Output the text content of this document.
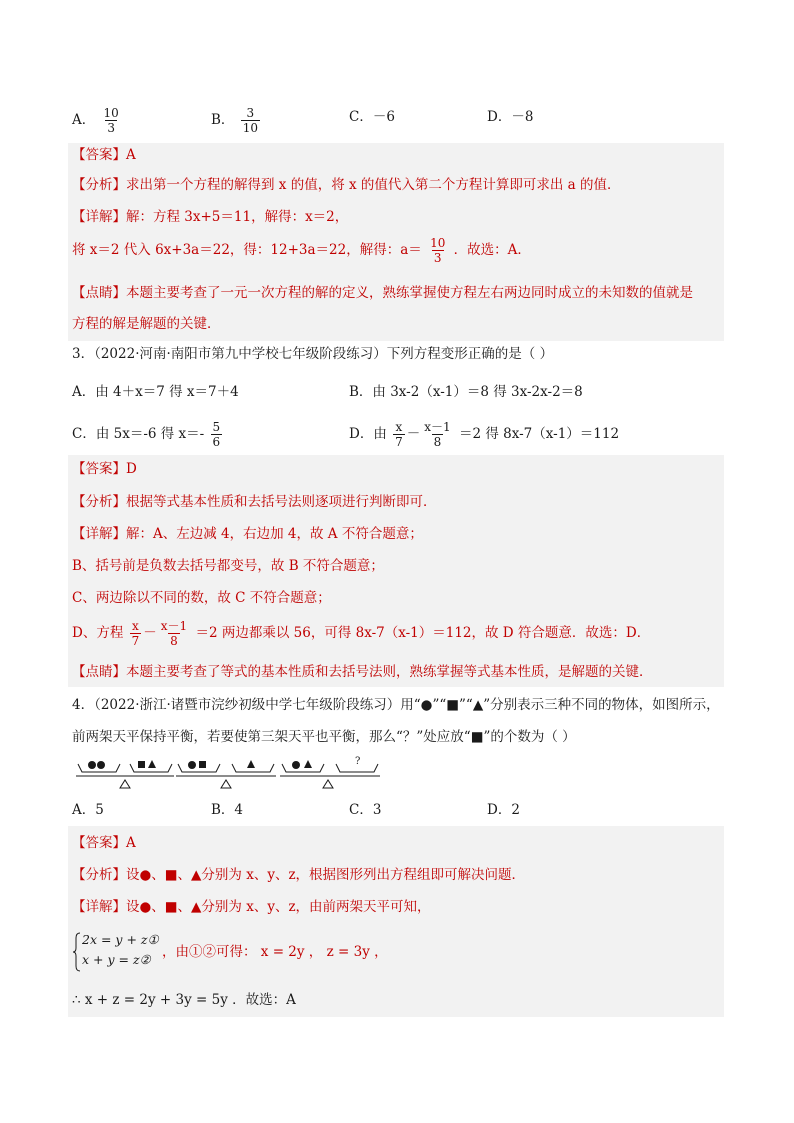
A． $\frac{10}{3}$	B． $\frac{3}{10}$	C．－6	D．－8
【答案】A
【分析】求出第一个方程的解得到 x 的值，将 x 的值代入第二个方程计算即可求出 a 的值．
【详解】解：方程 3x+5＝11，解得：x＝2，
将 x＝2 代入 6x+3a＝22，得：12+3a＝22，解得：$a= \frac{10}{3}$ ．故选：A．
【点睛】本题主要考查了一元一次方程的解的定义，熟练掌握使方程左右两边同时成立的未知数的值就是
方程的解是解题的关键．
3．（2022·河南·南阳市第九中学校七年级阶段练习）下列方程变形正确的是（ ）
A．由 4＋x＝7 得 x＝7＋4	B．由 3x-2（x-1）＝8 得 3x-2x-2＝8
C．由 5x＝-6 得 $x=- \frac{5}{6}$	D．由 $\frac{x}{7} - \frac{x-1}{8} =2$ 得 8x-7（x-1）＝112
【答案】D
【分析】根据等式基本性质和去括号法则逐项进行判断即可．
【详解】解：A、左边减 4，右边加 4，故 A 不符合题意；
B、括号前是负数去括号都变号，故 B 不符合题意；
C、两边除以不同的数，故 C 不符合题意；
D、方程 $\frac{x}{7} - \frac{x-1}{8} =2$ 两边都乘以 56，可得 8x-7（x-1）＝112，故 D 符合题意．故选：D．
【点睛】本题主要考查了等式的基本性质和去括号法则，熟练掌握等式基本性质，是解题的关键．
4．（2022·浙江·诸暨市浣纱初级中学七年级阶段练习）用“●”“■”“▲”分别表示三种不同的物体，如图所示，
前两架天平保持平衡，若要使第三架天平也平衡，那么“？”处应放“■”的个数为（ ）
?
A．5	B．4	C．3	D．2
【答案】A
【分析】设●、■、▲分别为 x、y、z，根据图形列出方程组即可解决问题．
【详解】设●、■、▲分别为 x、y、z，由前两架天平可知，
2x = y + z①
x + y = z② ，由①②可得： x = 2y ， z = 3y ，
∴ x + z = 2y + 3y = 5y ．故选：A
